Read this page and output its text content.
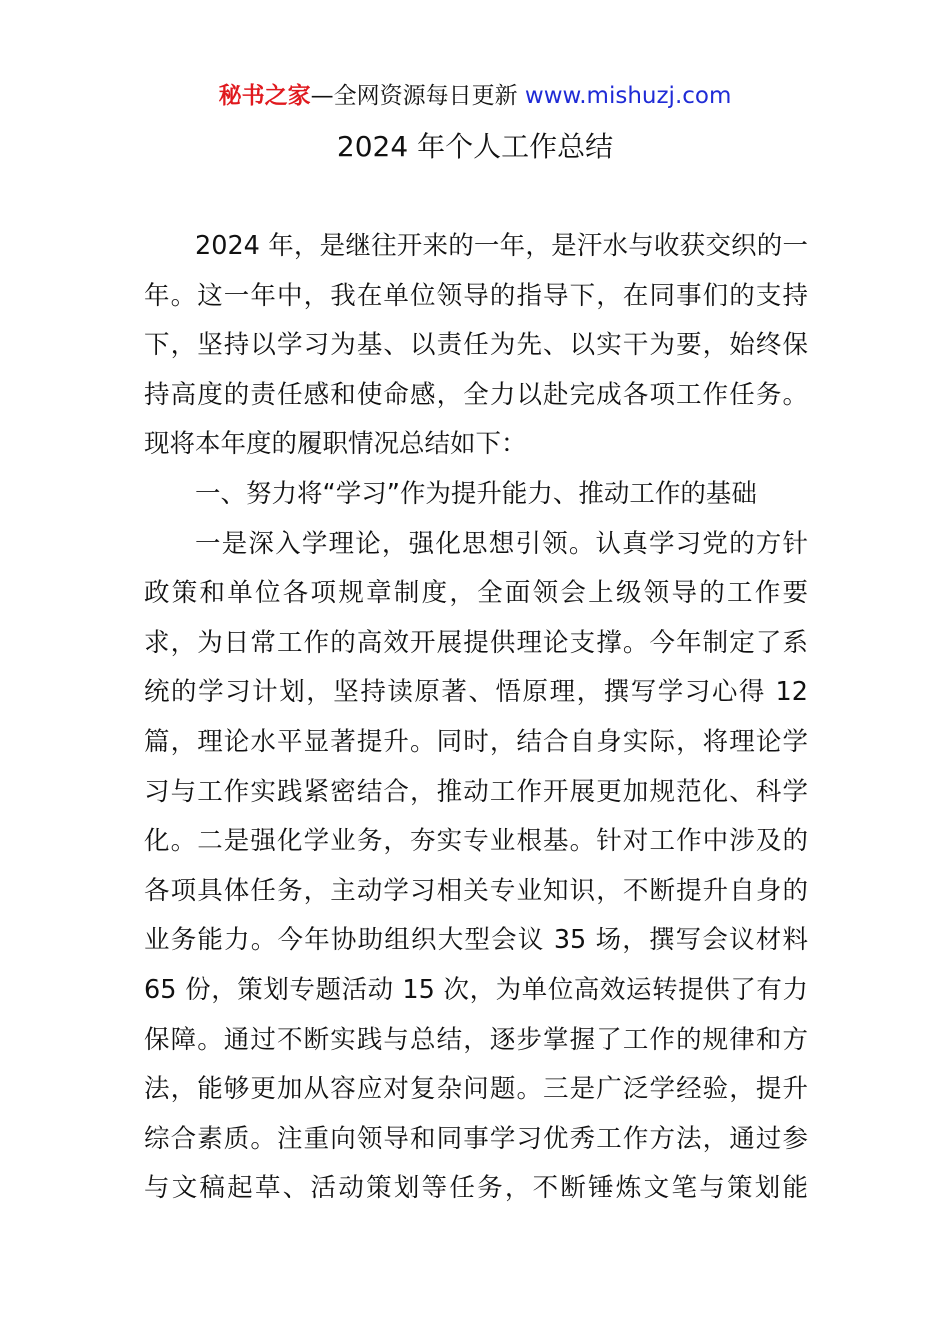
秘书之家—全网资源每日更新 www.mishuzj.com
2024 年个人工作总结
2024 年，是继往开来的一年，是汗水与收获交织的一
年。这一年中，我在单位领导的指导下，在同事们的支持
下，坚持以学习为基、以责任为先、以实干为要，始终保
持高度的责任感和使命感，全力以赴完成各项工作任务。
现将本年度的履职情况总结如下：
一、努力将“学习”作为提升能力、推动工作的基础
一是深入学理论，强化思想引领。认真学习党的方针
政策和单位各项规章制度，全面领会上级领导的工作要
求，为日常工作的高效开展提供理论支撑。今年制定了系
统的学习计划，坚持读原著、悟原理，撰写学习心得 12
篇，理论水平显著提升。同时，结合自身实际，将理论学
习与工作实践紧密结合，推动工作开展更加规范化、科学
化。二是强化学业务，夯实专业根基。针对工作中涉及的
各项具体任务，主动学习相关专业知识，不断提升自身的
业务能力。今年协助组织大型会议 35 场，撰写会议材料
65 份，策划专题活动 15 次，为单位高效运转提供了有力
保障。通过不断实践与总结，逐步掌握了工作的规律和方
法，能够更加从容应对复杂问题。三是广泛学经验，提升
综合素质。注重向领导和同事学习优秀工作方法，通过参
与文稿起草、活动策划等任务，不断锤炼文笔与策划能
